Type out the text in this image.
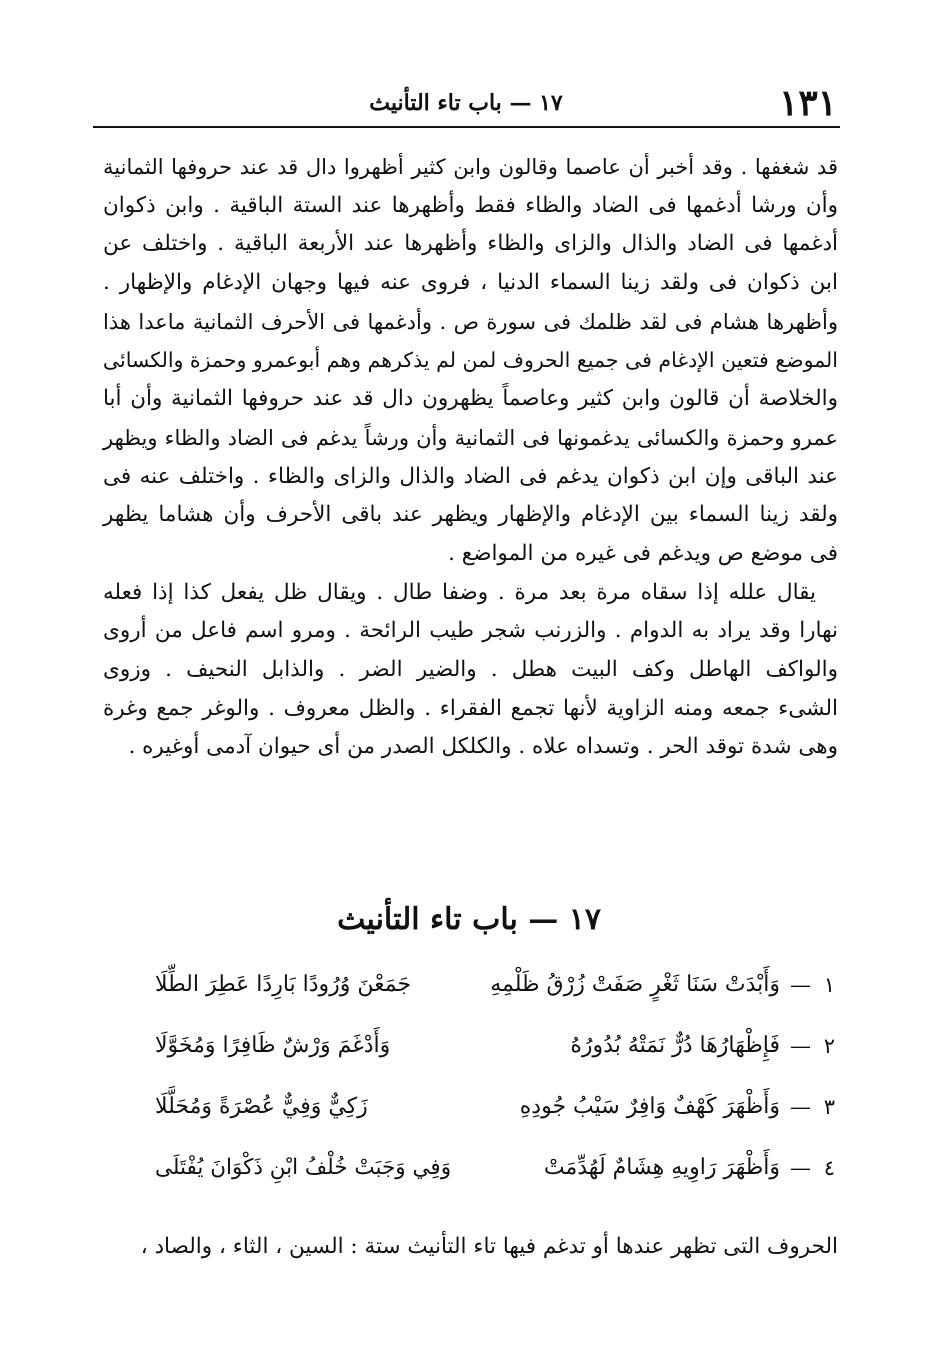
١٣١
١٧ — باب تاء التأنيث
قد شغفها . وقد أخبر أن عاصما وقالون وابن كثير أظهروا دال قد عند حروفها الثمانية
وأن ورشا أدغمها فى الضاد والظاء فقط وأظهرها عند الستة الباقية . وابن ذكوان
أدغمها فى الضاد والذال والزاى والظاء وأظهرها عند الأربعة الباقية . واختلف عن
ابن ذكوان فى ولقد زينا السماء الدنيا ، فروى عنه فيها وجهان الإدغام والإظهار .
وأظهرها هشام فى لقد ظلمك فى سورة ص . وأدغمها فى الأحرف الثمانية ماعدا هذا
الموضع فتعين الإدغام فى جميع الحروف لمن لم يذكرهم وهم أبوعمرو وحمزة والكسائى
والخلاصة أن قالون وابن كثير وعاصماً يظهرون دال قد عند حروفها الثمانية وأن أبا
عمرو وحمزة والكسائى يدغمونها فى الثمانية وأن ورشاً يدغم فى الضاد والظاء ويظهر
عند الباقى وإن ابن ذكوان يدغم فى الضاد والذال والزاى والظاء . واختلف عنه فى
ولقد زينا السماء بين الإدغام والإظهار ويظهر عند باقى الأحرف وأن هشاما يظهر
فى موضع ص ويدغم فى غيره من المواضع .
يقال علله إذا سقاه مرة بعد مرة . وضفا طال . ويقال ظل يفعل كذا إذا فعله
نهارا وقد يراد به الدوام . والزرنب شجر طيب الرائحة . ومرو اسم فاعل من أروى
والواكف الهاطل وكف البيت هطل . والضير الضر . والذابل النحيف . وزوى
الشىء جمعه ومنه الزاوية لأنها تجمع الفقراء . والظل معروف . والوغر جمع وغرة
وهى شدة توقد الحر . وتسداه علاه . والكلكل الصدر من أى حيوان آدمى أوغيره .
١٧ — باب تاء التأنيث
١
—
وَأَبْدَتْ سَنَا ثَغْرٍ صَفَتْ زُرْقُ ظَلْمِهِ
جَمَعْنَ وُرُودًا بَارِدًا عَطِرَ الطِّلَا
٢
—
فَإِظْهَارُهَا دُرٌّ نَمَتْهُ بُدُورُهُ
وَأَدْغَمَ وَرْشٌ ظَافِرًا وَمُخَوَّلَا
٣
—
وَأَظْهَرَ كَهْفٌ وَافِرٌ سَيْبُ جُودِهِ
زَكِيٌّ وَفِيٌّ عُصْرَةً وَمُحَلَّلَا
٤
—
وَأَظْهَرَ رَاوِيهِ هِشَامٌ لَهُدِّمَتْ
وَفِي وَجَبَتْ خُلْفُ ابْنِ ذَكْوَانَ يُفْتَلَى
الحروف التى تظهر عندها أو تدغم فيها تاء التأنيث ستة : السين ، الثاء ، والصاد ،
